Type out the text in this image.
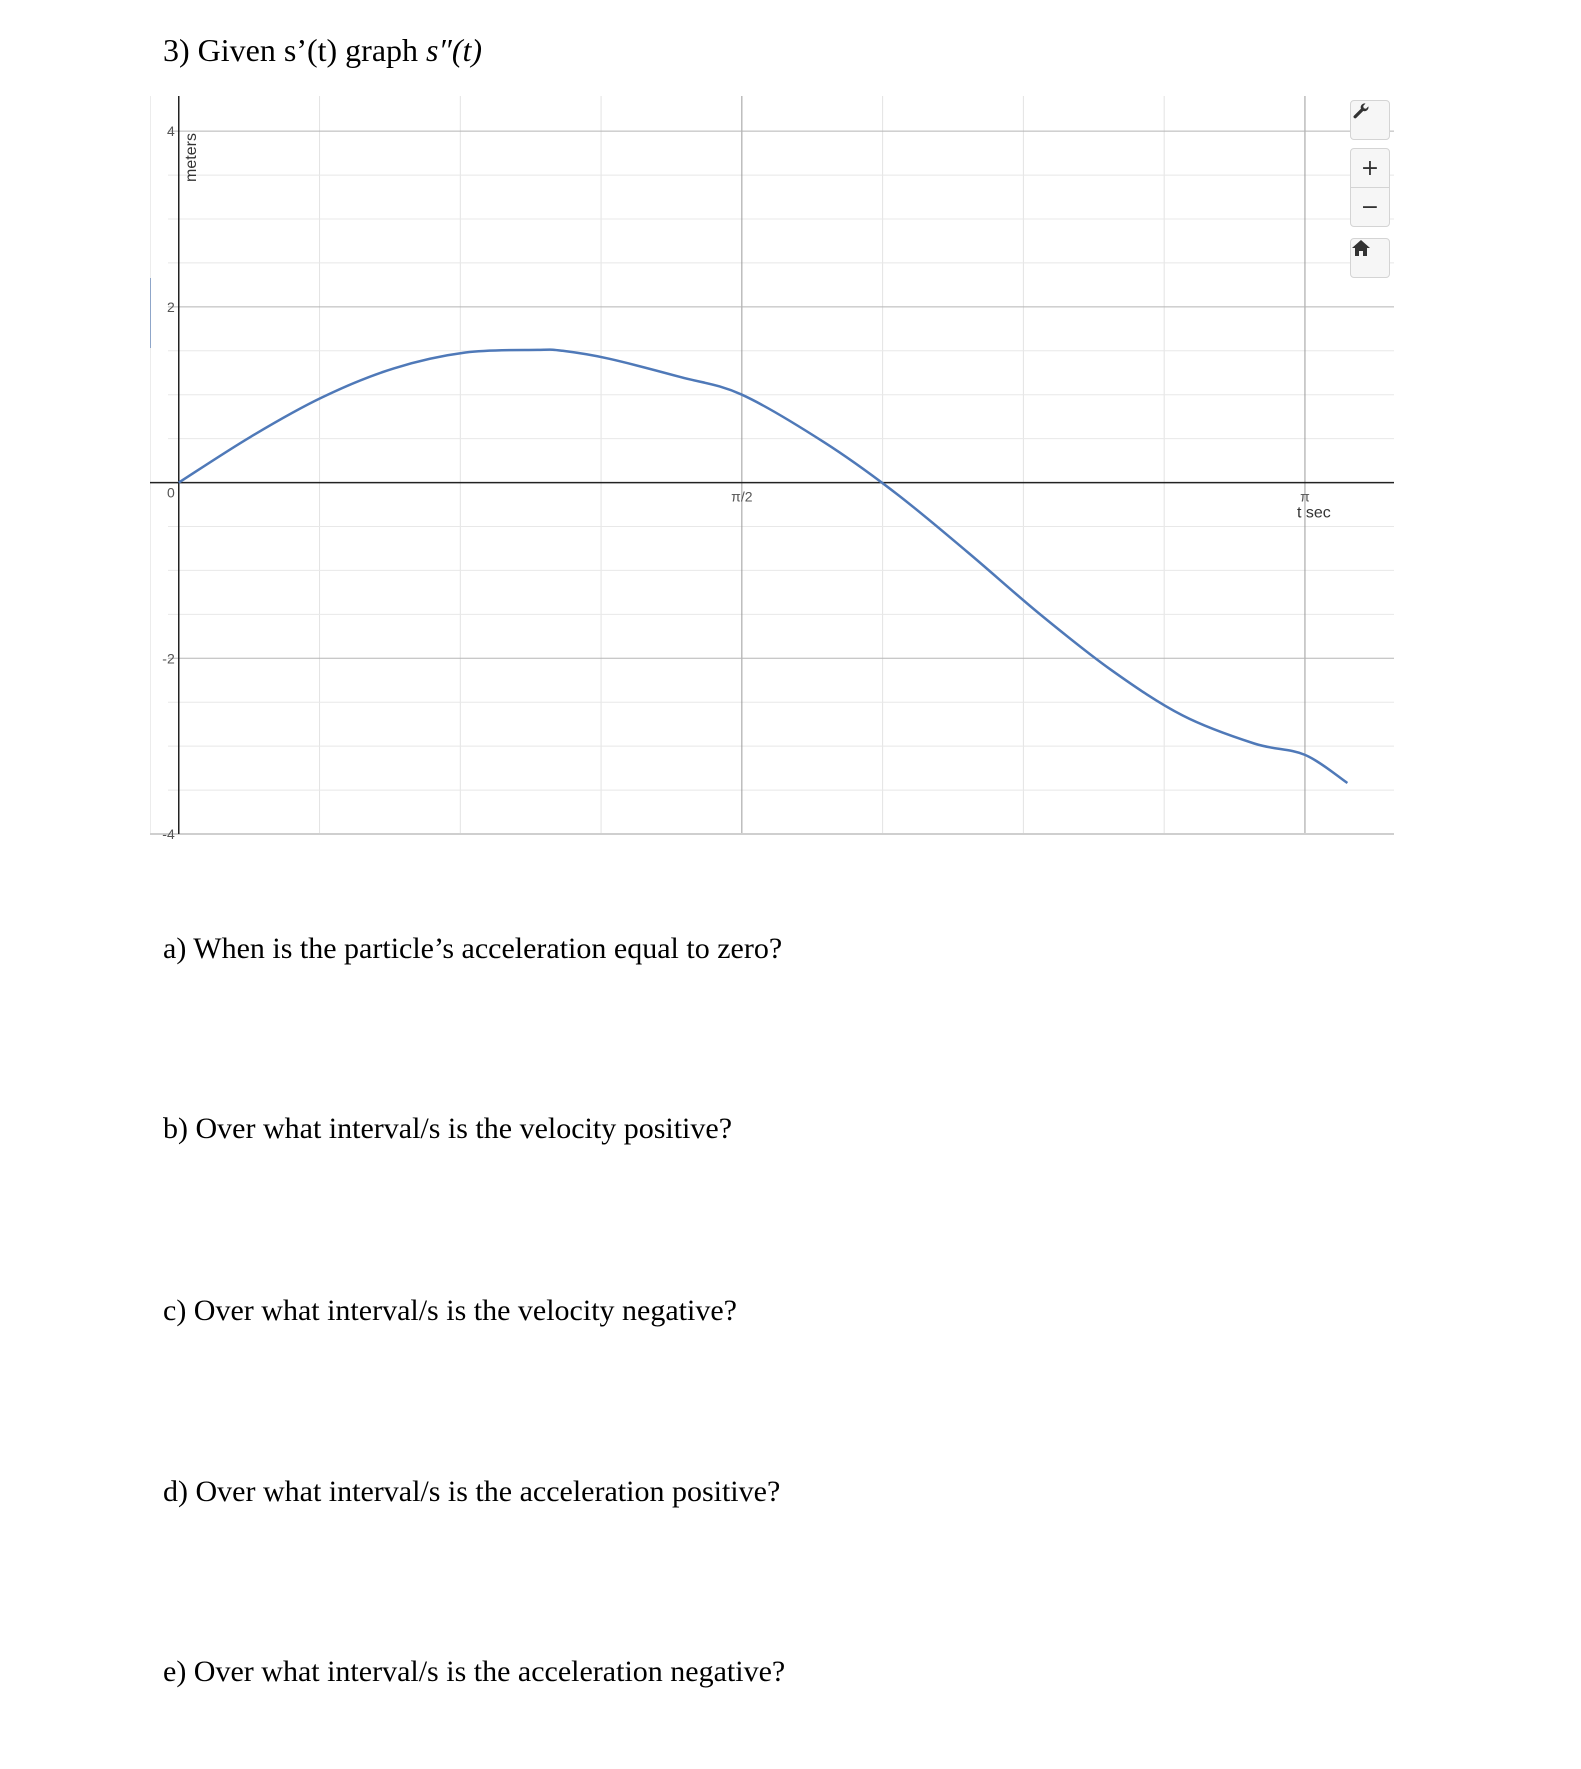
3) Given s’(t) graph s″(t)
4
2
-2
-4
0	π/2	π
meters
t sec
+
−
a) When is the particle’s acceleration equal to zero?
b) Over what interval/s is the velocity positive?
c) Over what interval/s is the velocity negative?
d) Over what interval/s is the acceleration positive?
e) Over what interval/s is the acceleration negative?
